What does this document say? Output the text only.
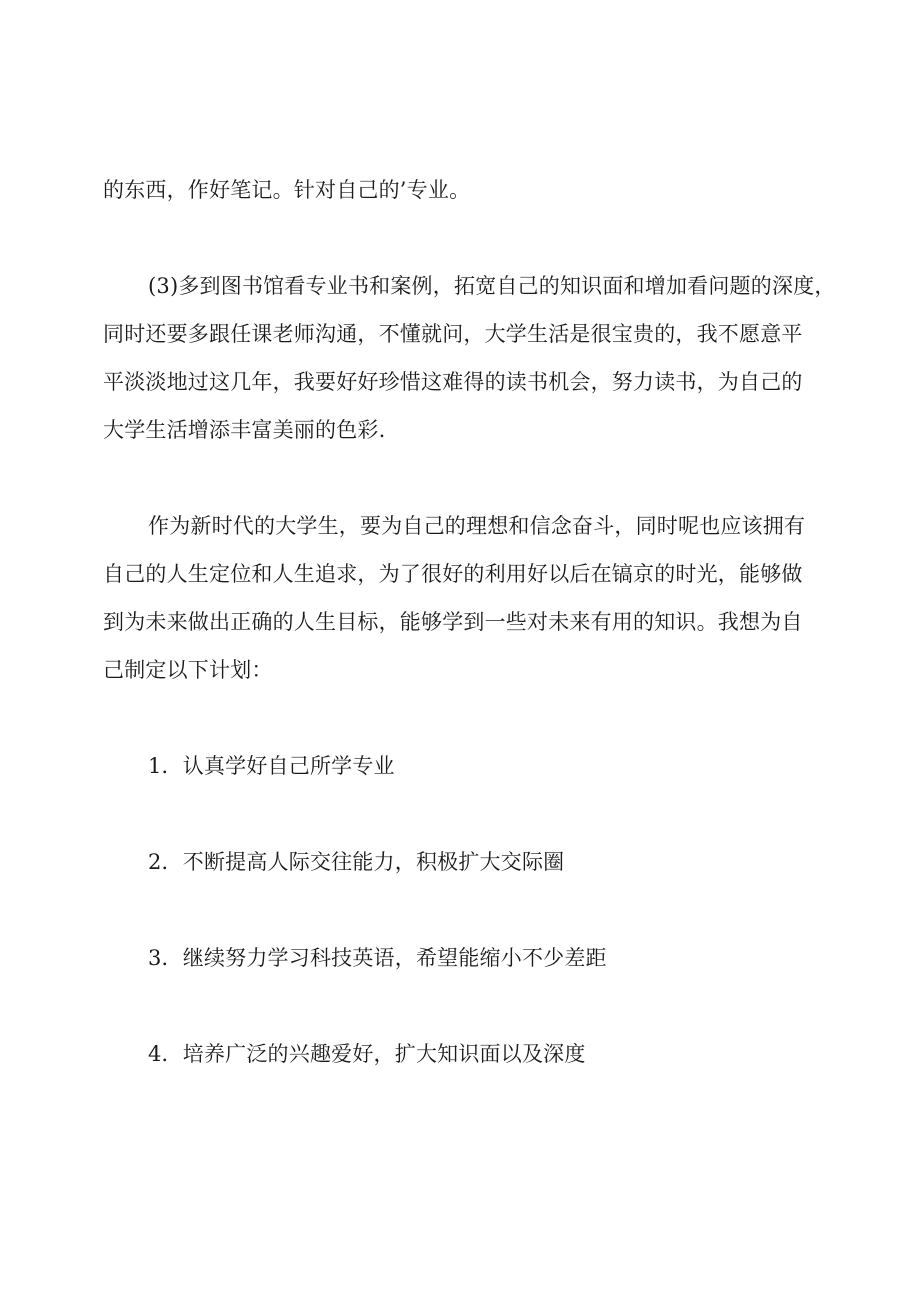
的东西，作好笔记。针对自己的’专业。
(3)多到图书馆看专业书和案例，拓宽自己的知识面和增加看问题的深度，
同时还要多跟任课老师沟通，不懂就问，大学生活是很宝贵的，我不愿意平
平淡淡地过这几年，我要好好珍惜这难得的读书机会，努力读书，为自己的
大学生活增添丰富美丽的色彩.
作为新时代的大学生，要为自己的理想和信念奋斗，同时呢也应该拥有
自己的人生定位和人生追求，为了很好的利用好以后在镐京的时光，能够做
到为未来做出正确的人生目标，能够学到一些对未来有用的知识。我想为自
己制定以下计划：
1．认真学好自己所学专业
2．不断提高人际交往能力，积极扩大交际圈
3．继续努力学习科技英语，希望能缩小不少差距
4．培养广泛的兴趣爱好，扩大知识面以及深度
